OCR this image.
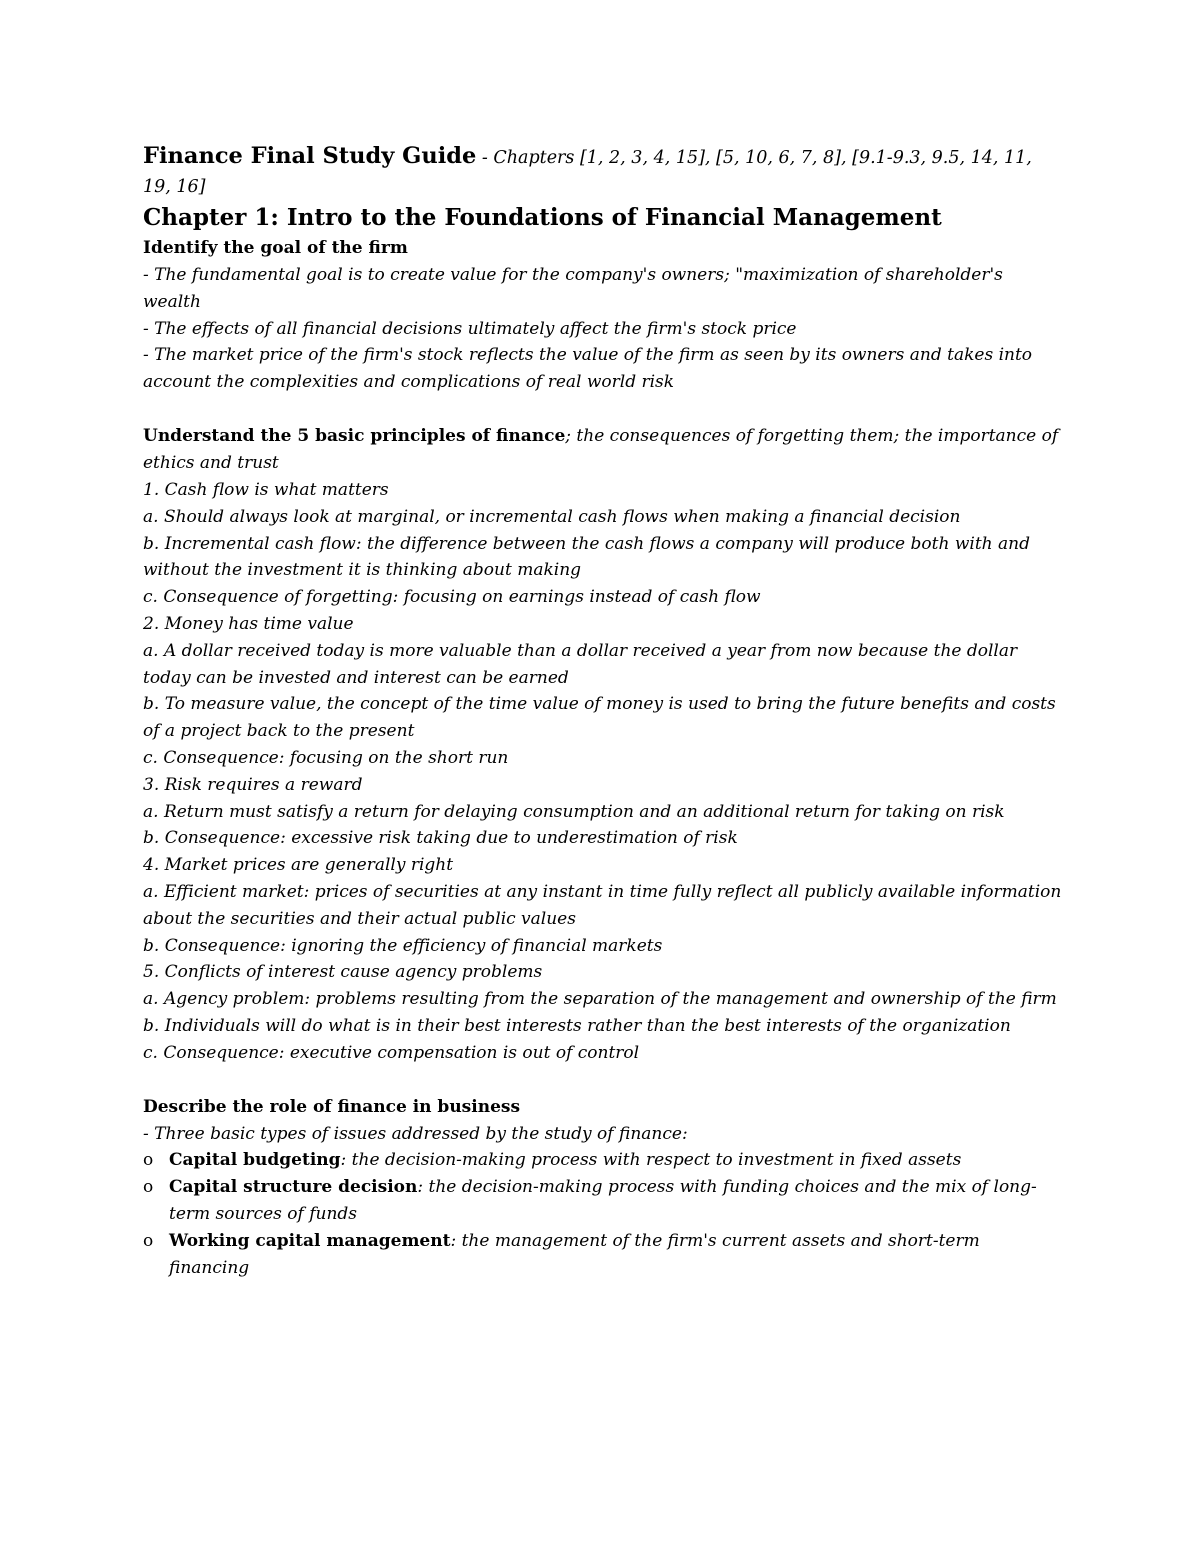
Finance Final Study Guide - Chapters [1, 2, 3, 4, 15], [5, 10, 6, 7, 8], [9.1-9.3, 9.5, 14, 11, 19, 16]

Chapter 1: Intro to the Foundations of Financial Management
Identify the goal of the firm

- The fundamental goal is to create value for the company's owners; "maximization of shareholder's wealth

- The effects of all financial decisions ultimately affect the firm's stock price

- The market price of the firm's stock reflects the value of the firm as seen by its owners and takes into account the complexities and complications of real world risk

Understand the 5 basic principles of finance; the consequences of forgetting them; the importance of ethics and trust

1. Cash flow is what matters

a. Should always look at marginal, or incremental cash flows when making a financial decision

b. Incremental cash flow: the difference between the cash flows a company will produce both with and without the investment it is thinking about making

c. Consequence of forgetting: focusing on earnings instead of cash flow

2. Money has time value

a. A dollar received today is more valuable than a dollar received a year from now because the dollar today can be invested and interest can be earned

b. To measure value, the concept of the time value of money is used to bring the future benefits and costs of a project back to the present

c. Consequence: focusing on the short run

3. Risk requires a reward

a. Return must satisfy a return for delaying consumption and an additional return for taking on risk

b. Consequence: excessive risk taking due to underestimation of risk

4. Market prices are generally right

a. Efficient market: prices of securities at any instant in time fully reflect all publicly available information about the securities and their actual public values

b. Consequence: ignoring the efficiency of financial markets

5. Conflicts of interest cause agency problems

a. Agency problem: problems resulting from the separation of the management and ownership of the firm

b. Individuals will do what is in their best interests rather than the best interests of the organization

c. Consequence: executive compensation is out of control

Describe the role of finance in business

- Three basic types of issues addressed by the study of finance:

o Capital budgeting: the decision-making process with respect to investment in fixed assets
o Capital structure decision: the decision-making process with funding choices and the mix of long-term sources of funds
o Working capital management: the management of the firm's current assets and short-term financing
